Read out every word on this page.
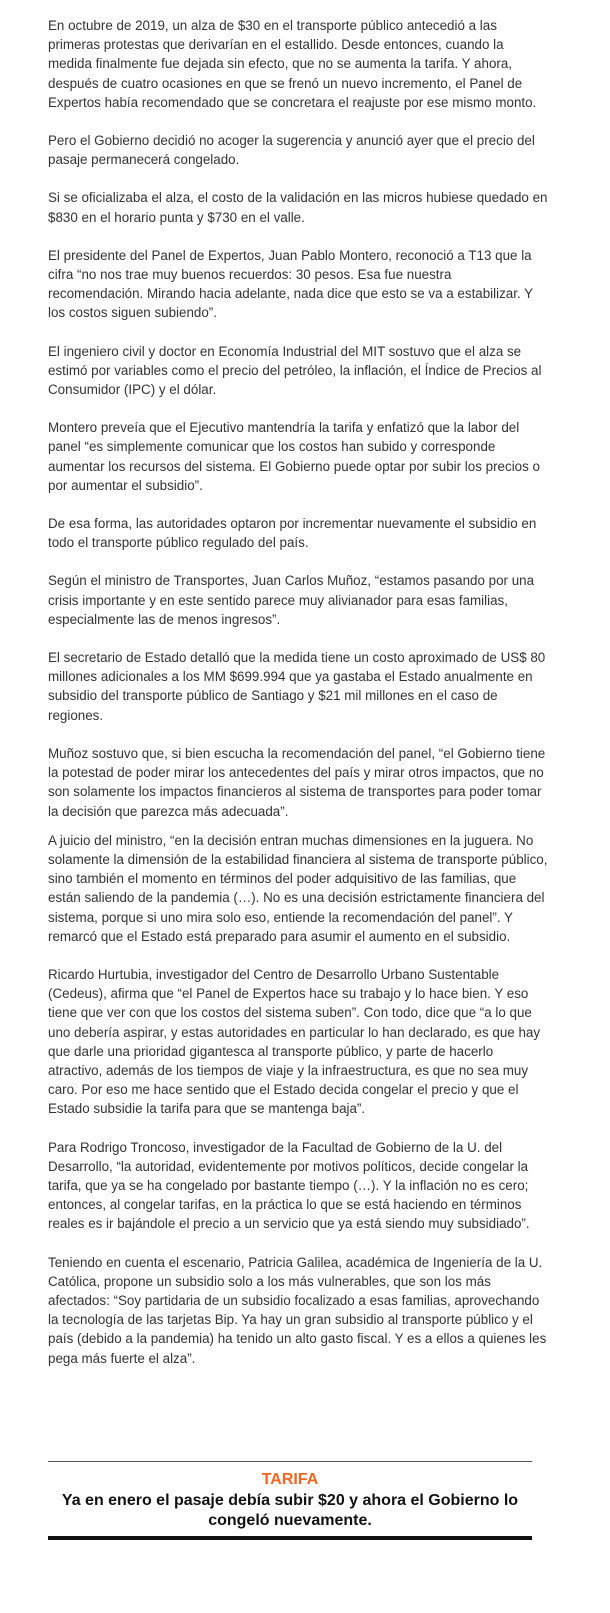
En octubre de 2019, un alza de $30 en el transporte público antecedió a las primeras protestas que derivarían en el estallido. Desde entonces, cuando la medida finalmente fue dejada sin efecto, que no se aumenta la tarifa. Y ahora, después de cuatro ocasiones en que se frenó un nuevo incremento, el Panel de Expertos había recomendado que se concretara el reajuste por ese mismo monto.

Pero el Gobierno decidió no acoger la sugerencia y anunció ayer que el precio del pasaje permanecerá congelado.

Si se oficializaba el alza, el costo de la validación en las micros hubiese quedado en $830 en el horario punta y $730 en el valle.

El presidente del Panel de Expertos, Juan Pablo Montero, reconoció a T13 que la cifra “no nos trae muy buenos recuerdos: 30 pesos. Esa fue nuestra recomendación. Mirando hacia adelante, nada dice que esto se va a estabilizar. Y los costos siguen subiendo”.

El ingeniero civil y doctor en Economía Industrial del MIT sostuvo que el alza se estimó por variables como el precio del petróleo, la inflación, el Índice de Precios al Consumidor (IPC) y el dólar.

Montero preveía que el Ejecutivo mantendría la tarifa y enfatizó que la labor del panel “es simplemente comunicar que los costos han subido y corresponde aumentar los recursos del sistema. El Gobierno puede optar por subir los precios o por aumentar el subsidio”.

De esa forma, las autoridades optaron por incrementar nuevamente el subsidio en todo el transporte público regulado del país.

Según el ministro de Transportes, Juan Carlos Muñoz, “estamos pasando por una crisis importante y en este sentido parece muy alivianador para esas familias, especialmente las de menos ingresos”.

El secretario de Estado detalló que la medida tiene un costo aproximado de US$ 80 millones adicionales a los MM $699.994 que ya gastaba el Estado anualmente en subsidio del transporte público de Santiago y $21 mil millones en el caso de regiones.

Muñoz sostuvo que, si bien escucha la recomendación del panel, “el Gobierno tiene la potestad de poder mirar los antecedentes del país y mirar otros impactos, que no son solamente los impactos financieros al sistema de transportes para poder tomar la decisión que parezca más adecuada”.

A juicio del ministro, “en la decisión entran muchas dimensiones en la juguera. No solamente la dimensión de la estabilidad financiera al sistema de transporte público, sino también el momento en términos del poder adquisitivo de las familias, que están saliendo de la pandemia (…). No es una decisión estrictamente financiera del sistema, porque si uno mira solo eso, entiende la recomendación del panel”. Y remarcó que el Estado está preparado para asumir el aumento en el subsidio.

Ricardo Hurtubia, investigador del Centro de Desarrollo Urbano Sustentable (Cedeus), afirma que “el Panel de Expertos hace su trabajo y lo hace bien. Y eso tiene que ver con que los costos del sistema suben”. Con todo, dice que “a lo que uno debería aspirar, y estas autoridades en particular lo han declarado, es que hay que darle una prioridad gigantesca al transporte público, y parte de hacerlo atractivo, además de los tiempos de viaje y la infraestructura, es que no sea muy caro. Por eso me hace sentido que el Estado decida congelar el precio y que el Estado subsidie la tarifa para que se mantenga baja”.

Para Rodrigo Troncoso, investigador de la Facultad de Gobierno de la U. del Desarrollo, “la autoridad, evidentemente por motivos políticos, decide congelar la tarifa, que ya se ha congelado por bastante tiempo (…). Y la inflación no es cero; entonces, al congelar tarifas, en la práctica lo que se está haciendo en términos reales es ir bajándole el precio a un servicio que ya está siendo muy subsidiado”.

Teniendo en cuenta el escenario, Patricia Galilea, académica de Ingeniería de la U. Católica, propone un subsidio solo a los más vulnerables, que son los más afectados: “Soy partidaria de un subsidio focalizado a esas familias, aprovechando la tecnología de las tarjetas Bip. Ya hay un gran subsidio al transporte público y el país (debido a la pandemia) ha tenido un alto gasto fiscal. Y es a ellos a quienes les pega más fuerte el alza”.

TARIFA
Ya en enero el pasaje debía subir $20 y ahora el Gobierno lo congeló nuevamente.
